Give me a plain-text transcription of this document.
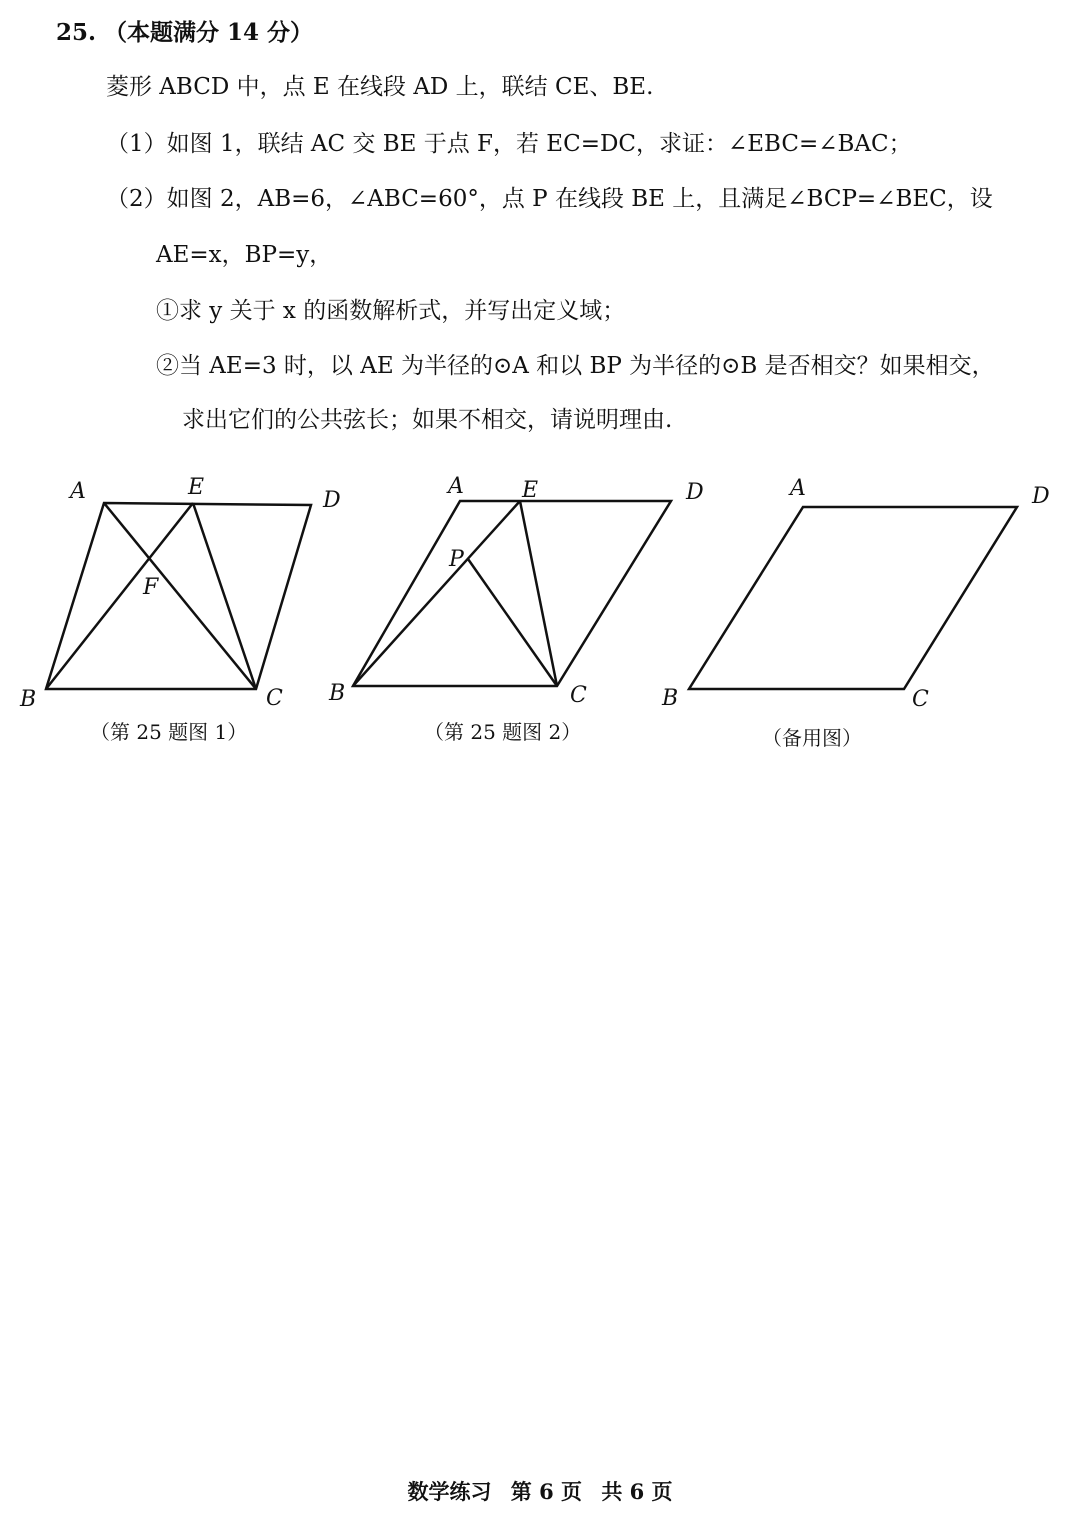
25. （本题满分 14 分）
菱形 ABCD 中，点 E 在线段 AD 上，联结 CE、BE.
（1）如图 1，联结 AC 交 BE 于点 F，若 EC=DC，求证：∠EBC=∠BAC；
（2）如图 2，AB=6，∠ABC=60°，点 P 在线段 BE 上，且满足∠BCP=∠BEC，设
AE=x，BP=y，
①求 y 关于 x 的函数解析式，并写出定义域；
②当 AE=3 时，以 AE 为半径的⊙A 和以 BP 为半径的⊙B 是否相交？如果相交，
求出它们的公共弦长；如果不相交，请说明理由.
A	E
D
F
B	C
（第 25 题图 1）
A	E	D
P
B	C
（第 25 题图 2）
A	D
B	C
（备用图）
数学练习 第 6 页 共 6 页
